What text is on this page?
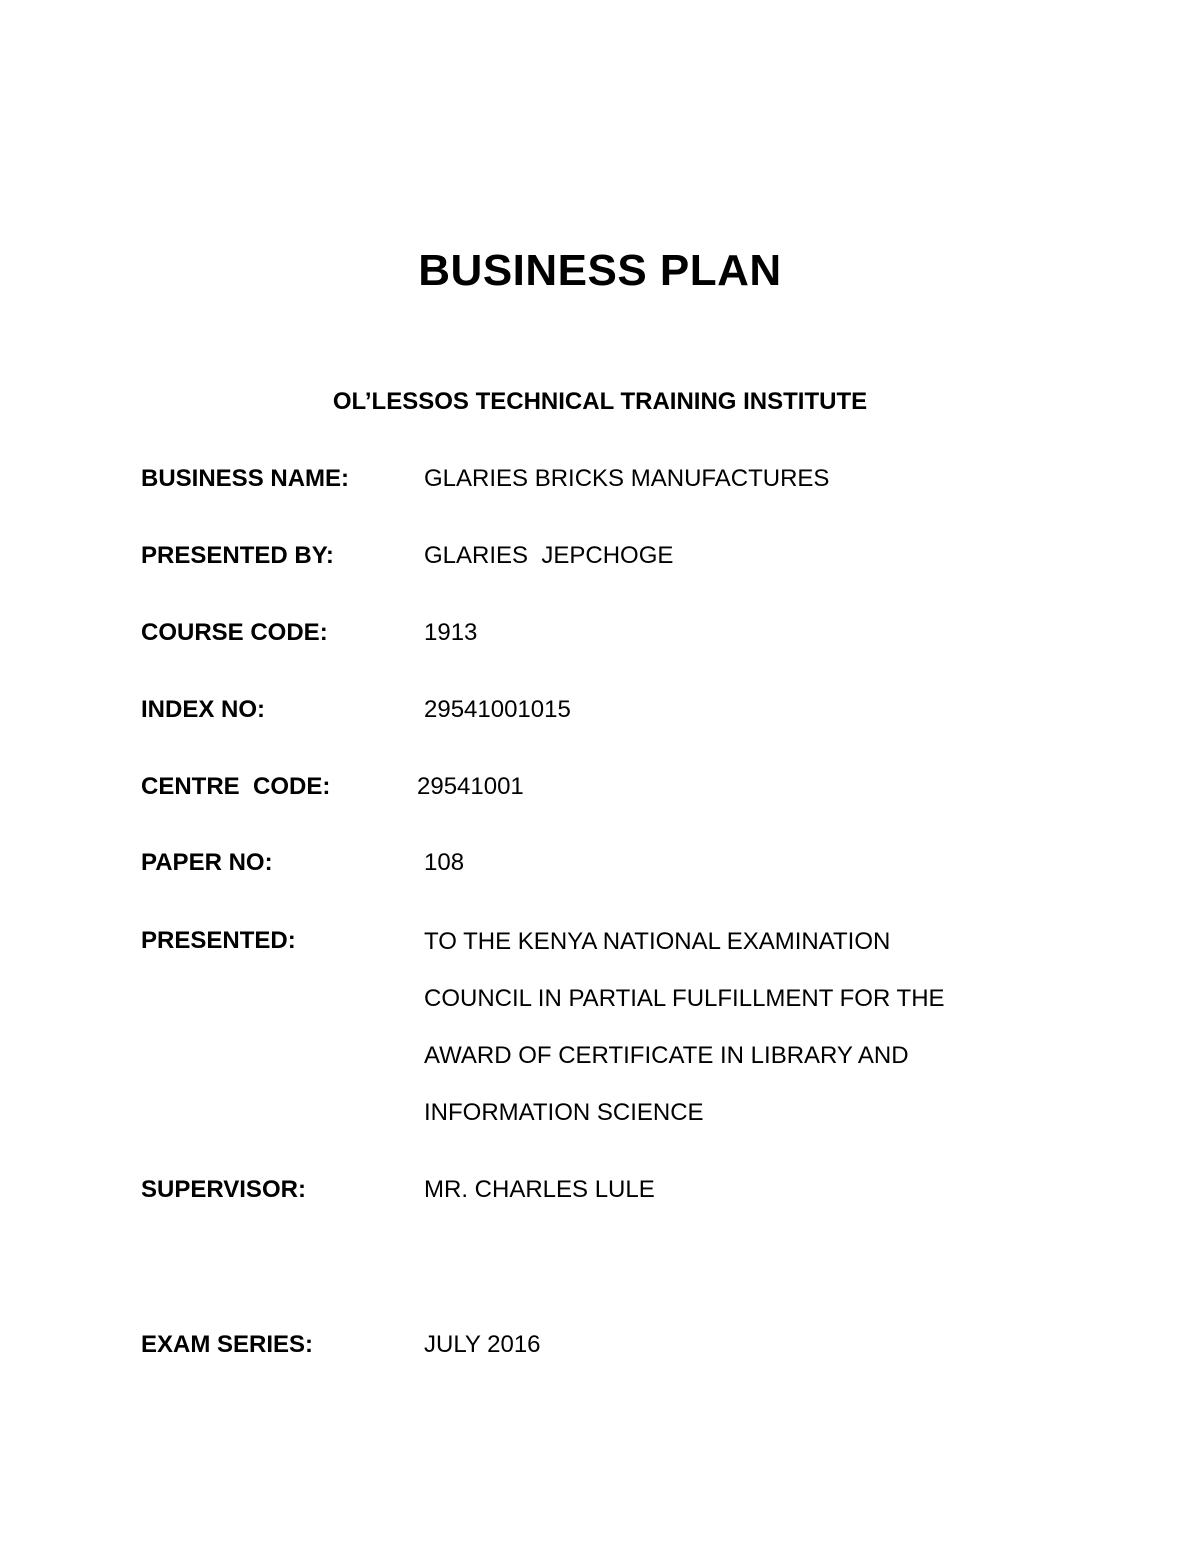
BUSINESS PLAN
OL’LESSOS TECHNICAL TRAINING INSTITUTE
BUSINESS NAME:	GLARIES BRICKS MANUFACTURES
PRESENTED BY:	GLARIES  JEPCHOGE
COURSE CODE:	1913
INDEX NO:	29541001015
CENTRE  CODE:	29541001
PAPER NO:	108
PRESENTED:	TO THE KENYA NATIONAL EXAMINATION
COUNCIL IN PARTIAL FULFILLMENT FOR THE
AWARD OF CERTIFICATE IN LIBRARY AND
INFORMATION SCIENCE
SUPERVISOR:	MR. CHARLES LULE
EXAM SERIES:	JULY 2016
